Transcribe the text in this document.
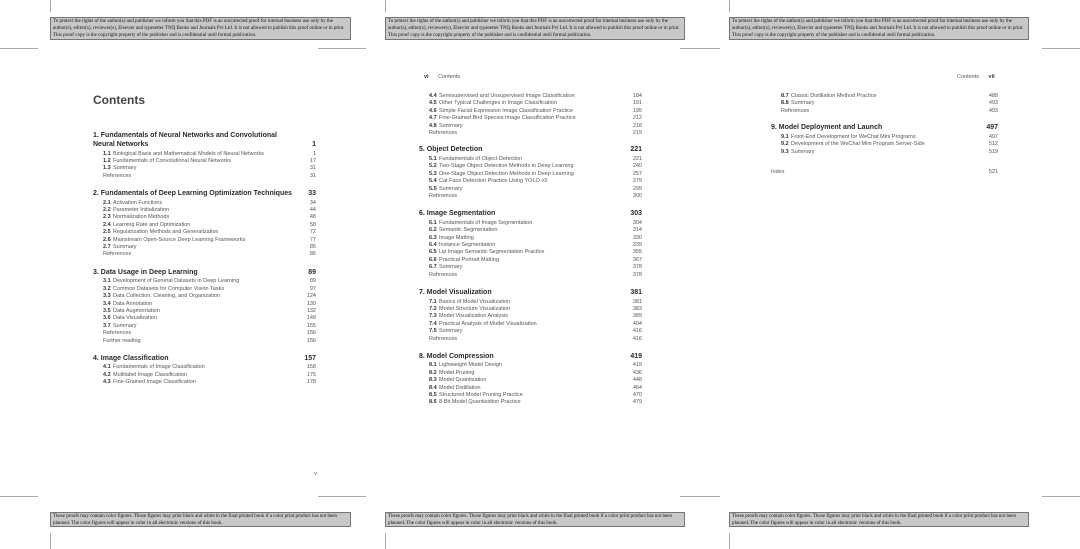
To protect the rights of the author(s) and publisher we inform you that this PDF is an uncorrected proof for internal business use only by the author(s), editor(s), reviewer(s), Elsevier and typesetter TNQ Books and Journals Pvt Ltd. It is not allowed to publish this proof online or in print. This proof copy is the copyright property of the publisher and is confidential until formal publication.
Contents
1. Fundamentals of Neural Networks and Convolutional
Neural Networks	1
1.1 Biological Basis and Mathematical Models of Neural Networks	1
1.2 Fundamentals of Convolutional Neural Networks	17
1.3 Summary	31
References	31
2. Fundamentals of Deep Learning Optimization Techniques	33
2.1 Activation Functions	34
2.2 Parameter Initialization	44
2.3 Normalization Methods	48
2.4 Learning Rate and Optimization	58
2.5 Regularization Methods and Generalization	72
2.6 Mainstream Open-Source Deep Learning Frameworks	77
2.7 Summary	85
References	86
3. Data Usage in Deep Learning	89
3.1 Development of General Datasets in Deep Learning	89
3.2 Common Datasets for Computer Vision Tasks	97
3.3 Data Collection, Cleaning, and Organization	124
3.4 Data Annotation	130
3.5 Data Augmentation	132
3.6 Data Visualization	149
3.7 Summary	155
References	156
Further reading	156
4. Image Classification	157
4.1 Fundamentals of Image Classification	158
4.2 Multilabel Image Classification	175
4.3 Fine-Grained Image Classification	178
v
These proofs may contain color figures. Those figures may print black and white in the final printed book if a color print product has not been planned. The color figures will appear in color in all electronic versions of this book.
To protect the rights of the author(s) and publisher we inform you that this PDF is an uncorrected proof for internal business use only by the author(s), editor(s), reviewer(s), Elsevier and typesetter TNQ Books and Journals Pvt Ltd. It is not allowed to publish this proof online or in print. This proof copy is the copyright property of the publisher and is confidential until formal publication.
vi Contents
4.4 Semisupervised and Unsupervised Image Classification	184
4.5 Other Typical Challenges in Image Classification	191
4.6 Simple Facial Expression Image Classification Practice	195
4.7 Fine-Grained Bird Species Image Classification Practice	212
4.8 Summary	218
References	219
5. Object Detection	221
5.1 Fundamentals of Object Detection	221
5.2 Two-Stage Object Detection Methods in Deep Learning	240
5.3 One-Stage Object Detection Methods in Deep Learning	257
5.4 Cat Face Detection Practice Using YOLO v3	279
5.5 Summary	299
References	300
6. Image Segmentation	303
6.1 Fundamentals of Image Segmentation	304
6.2 Semantic Segmentation	314
6.3 Image Matting	330
6.4 Instance Segmentation	339
6.5 Lip Image Semantic Segmentation Practice	355
6.6 Practical Portrait Matting	367
6.7 Summary	378
References	378
7. Model Visualization	381
7.1 Basics of Model Visualization	381
7.2 Model Structure Visualization	383
7.3 Model Visualization Analysis	389
7.4 Practical Analysis of Model Visualization	404
7.5 Summary	416
References	416
8. Model Compression	419
8.1 Lightweight Model Design	419
8.2 Model Pruning	436
8.3 Model Quantization	448
8.4 Model Distillation	464
8.5 Structured Model Pruning Practice	470
8.6 8-Bit Model Quantization Practice	479
These proofs may contain color figures. Those figures may print black and white in the final printed book if a color print product has not been planned. The color figures will appear in color in all electronic versions of this book.
To protect the rights of the author(s) and publisher we inform you that this PDF is an uncorrected proof for internal business use only by the author(s), editor(s), reviewer(s), Elsevier and typesetter TNQ Books and Journals Pvt Ltd. It is not allowed to publish this proof online or in print. This proof copy is the copyright property of the publisher and is confidential until formal publication.
Contents vii
8.7 Classic Distillation Method Practice	488
8.8 Summary	493
References	493
9. Model Deployment and Launch	497
9.1 Front-End Development for WeChat Mini Programs	497
9.2 Development of the WeChat Mini Program Server-Side	512
9.3 Summary	519
Index	521
These proofs may contain color figures. Those figures may print black and white in the final printed book if a color print product has not been planned. The color figures will appear in color in all electronic versions of this book.
